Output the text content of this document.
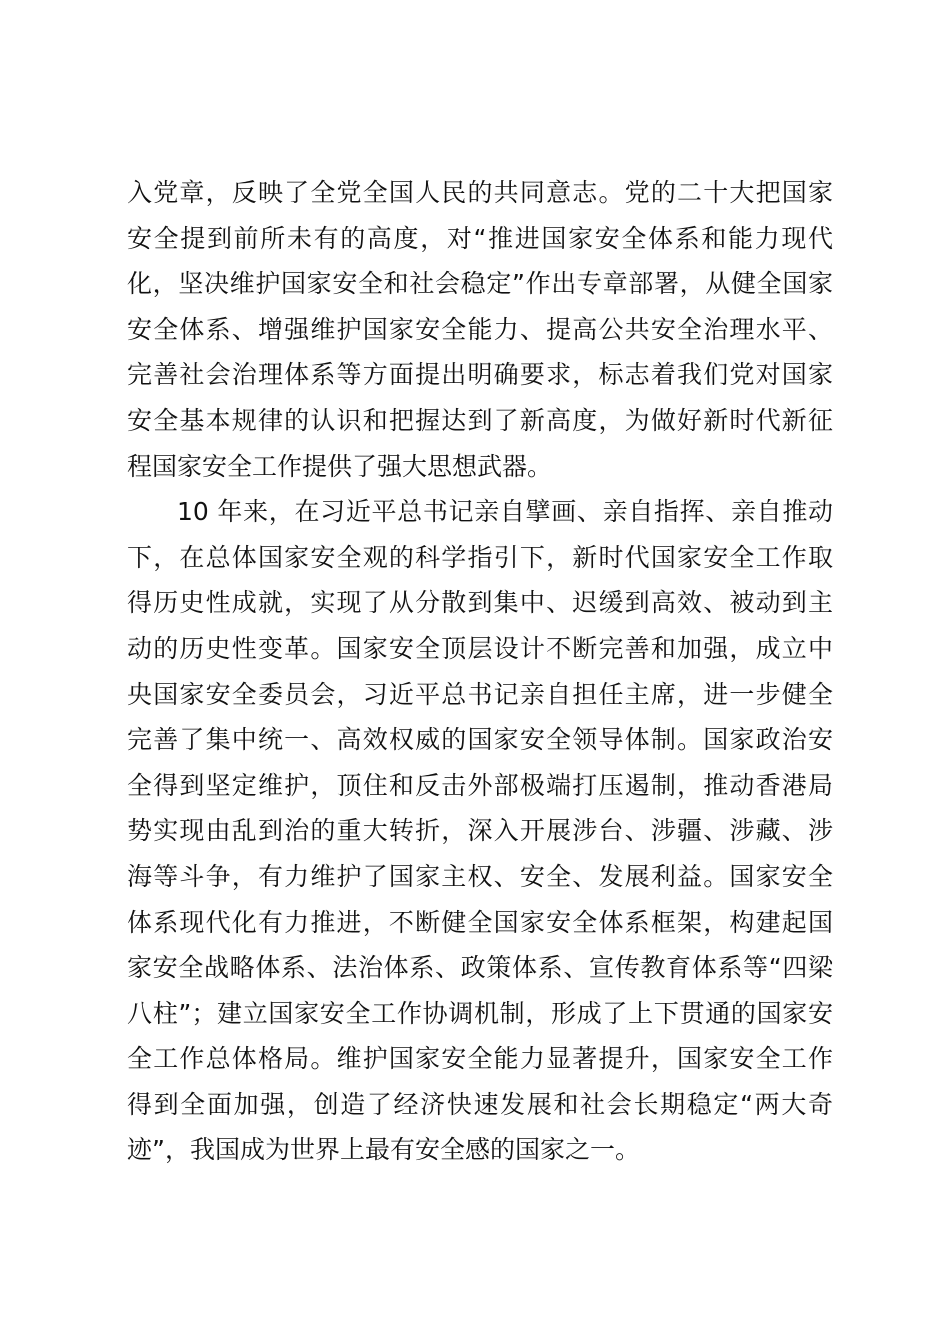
入党章，反映了全党全国人民的共同意志。党的二十大把国家
安全提到前所未有的高度，对“推进国家安全体系和能力现代
化，坚决维护国家安全和社会稳定”作出专章部署，从健全国家
安全体系、增强维护国家安全能力、提高公共安全治理水平、
完善社会治理体系等方面提出明确要求，标志着我们党对国家
安全基本规律的认识和把握达到了新高度，为做好新时代新征
程国家安全工作提供了强大思想武器。
10 年来，在习近平总书记亲自擘画、亲自指挥、亲自推动
下，在总体国家安全观的科学指引下，新时代国家安全工作取
得历史性成就，实现了从分散到集中、迟缓到高效、被动到主
动的历史性变革。国家安全顶层设计不断完善和加强，成立中
央国家安全委员会，习近平总书记亲自担任主席，进一步健全
完善了集中统一、高效权威的国家安全领导体制。国家政治安
全得到坚定维护，顶住和反击外部极端打压遏制，推动香港局
势实现由乱到治的重大转折，深入开展涉台、涉疆、涉藏、涉
海等斗争，有力维护了国家主权、安全、发展利益。国家安全
体系现代化有力推进，不断健全国家安全体系框架，构建起国
家安全战略体系、法治体系、政策体系、宣传教育体系等“四梁
八柱”；建立国家安全工作协调机制，形成了上下贯通的国家安
全工作总体格局。维护国家安全能力显著提升，国家安全工作
得到全面加强，创造了经济快速发展和社会长期稳定“两大奇
迹”，我国成为世界上最有安全感的国家之一。
